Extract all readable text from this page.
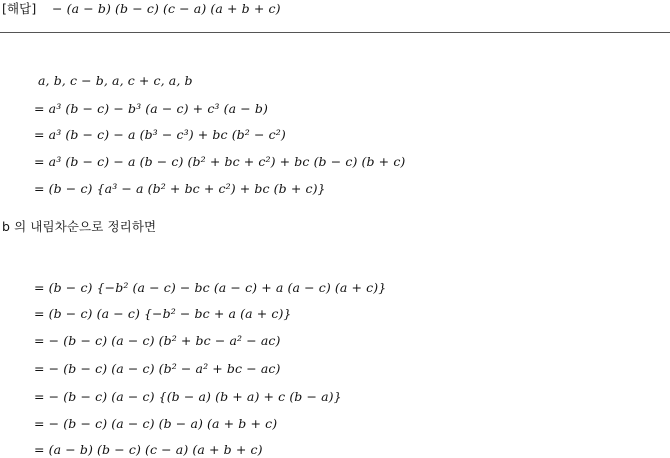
[해답] − (a − b) (b − c) (c − a) (a + b + c)
a, b, c − b, a, c + c, a, b
= a³ (b − c) − b³ (a − c) + c³ (a − b)
= a³ (b − c) − a (b³ − c³) + bc (b² − c²)
= a³ (b − c) − a (b − c) (b² + bc + c²) + bc (b − c) (b + c)
= (b − c) {a³ − a (b² + bc + c²) + bc (b + c)}
b 의 내림차순으로 정리하면
= (b − c) {−b² (a − c) − bc (a − c) + a (a − c) (a + c)}
= (b − c) (a − c) {−b² − bc + a (a + c)}
= − (b − c) (a − c) (b² + bc − a² − ac)
= − (b − c) (a − c) (b² − a² + bc − ac)
= − (b − c) (a − c) {(b − a) (b + a) + c (b − a)}
= − (b − c) (a − c) (b − a) (a + b + c)
= (a − b) (b − c) (c − a) (a + b + c)
